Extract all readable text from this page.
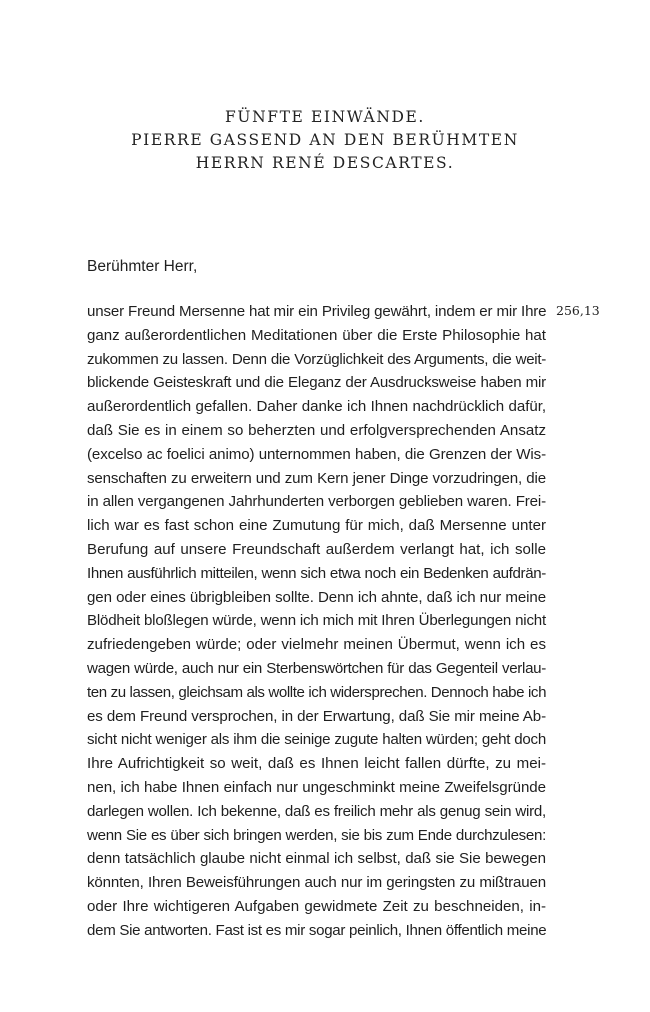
FÜNFTE EINWÄNDE.
PIERRE GASSEND AN DEN BERÜHMTEN
HERRN RENÉ DESCARTES.
Berühmter Herr,
256,13
unser Freund Mersenne hat mir ein Privileg gewährt, indem er mir Ihre
ganz außerordentlichen Meditationen über die Erste Philosophie hat
zukommen zu lassen. Denn die Vorzüglichkeit des Arguments, die weit-
blickende Geisteskraft und die Eleganz der Ausdrucksweise haben mir
außerordentlich gefallen. Daher danke ich Ihnen nachdrücklich dafür,
daß Sie es in einem so beherzten und erfolgversprechenden Ansatz
(excelso ac foelici animo) unternommen haben, die Grenzen der Wis-
senschaften zu erweitern und zum Kern jener Dinge vorzudringen, die
in allen vergangenen Jahrhunderten verborgen geblieben waren. Frei-
lich war es fast schon eine Zumutung für mich, daß Mersenne unter
Berufung auf unsere Freundschaft außerdem verlangt hat, ich solle
Ihnen ausführlich mitteilen, wenn sich etwa noch ein Bedenken aufdrän-
gen oder eines übrigbleiben sollte. Denn ich ahnte, daß ich nur meine
Blödheit bloßlegen würde, wenn ich mich mit Ihren Überlegungen nicht
zufriedengeben würde; oder vielmehr meinen Übermut, wenn ich es
wagen würde, auch nur ein Sterbenswörtchen für das Gegenteil verlau-
ten zu lassen, gleichsam als wollte ich widersprechen. Dennoch habe ich
es dem Freund versprochen, in der Erwartung, daß Sie mir meine Ab-
sicht nicht weniger als ihm die seinige zugute halten würden; geht doch
Ihre Aufrichtigkeit so weit, daß es Ihnen leicht fallen dürfte, zu mei-
nen, ich habe Ihnen einfach nur ungeschminkt meine Zweifelsgründe
darlegen wollen. Ich bekenne, daß es freilich mehr als genug sein wird,
wenn Sie es über sich bringen werden, sie bis zum Ende durchzulesen:
denn tatsächlich glaube nicht einmal ich selbst, daß sie Sie bewegen
könnten, Ihren Beweisführungen auch nur im geringsten zu mißtrauen
oder Ihre wichtigeren Aufgaben gewidmete Zeit zu beschneiden, in-
dem Sie antworten. Fast ist es mir sogar peinlich, Ihnen öffentlich meine
